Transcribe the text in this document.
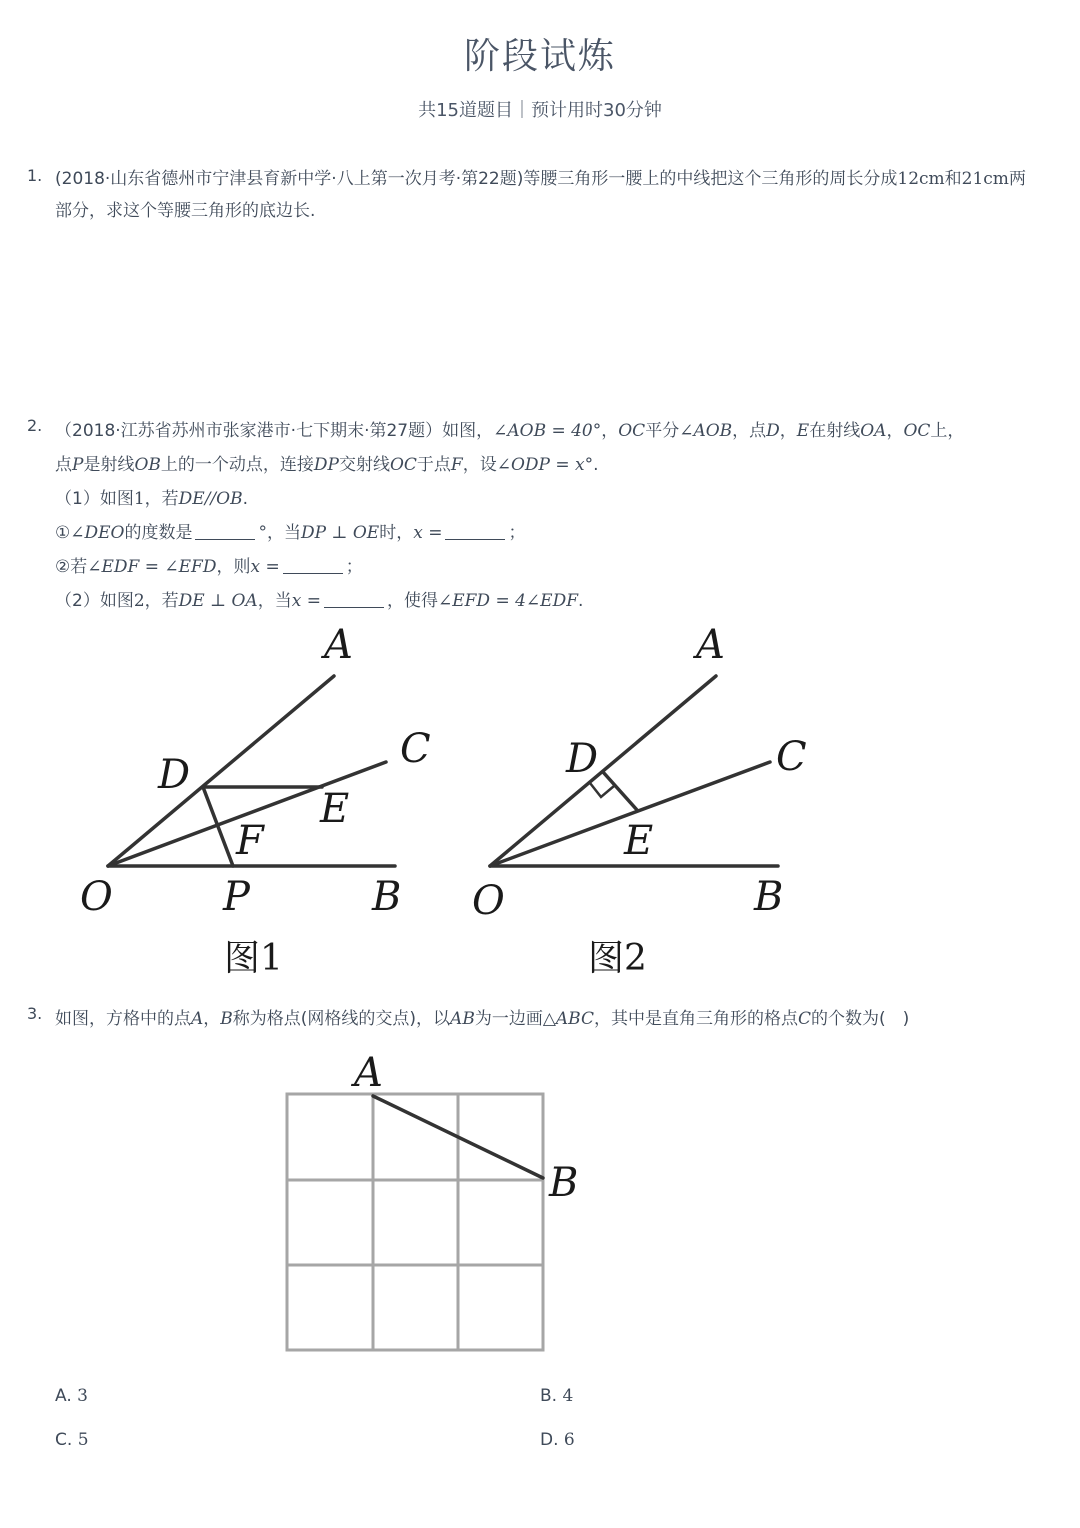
阶段试炼
共15道题目｜预计用时30分钟
1. (2018·山东省德州市宁津县育新中学·八上第一次月考·第22题)等腰三角形一腰上的中线把这个三角形的周长分成12cm和21cm两
部分，求这个等腰三角形的底边长.
2. （2018·江苏省苏州市张家港市·七下期末·第27题）如图，∠AOB = 40°，OC平分∠AOB，点D，E在射线OA，OC上，
点P是射线OB上的一个动点，连接DP交射线OC于点F，设∠ODP = x°.
（1）如图1，若DE//OB.
①∠DEO的度数是	°，当DP ⊥ OE时，x =	；
②若∠EDF = ∠EFD，则x =	；
（2）如图2，若DE ⊥ OA，当x =	，使得∠EFD = 4∠EDF.
A
C
D
E
F
O	P	B
图1
A
C
D
E
O	B
图2
A
B
3. 如图，方格中的点A，B称为格点(网格线的交点)，以AB为一边画△ABC，其中是直角三角形的格点C的个数为(　)
A. 3	B. 4
C. 5	D. 6
